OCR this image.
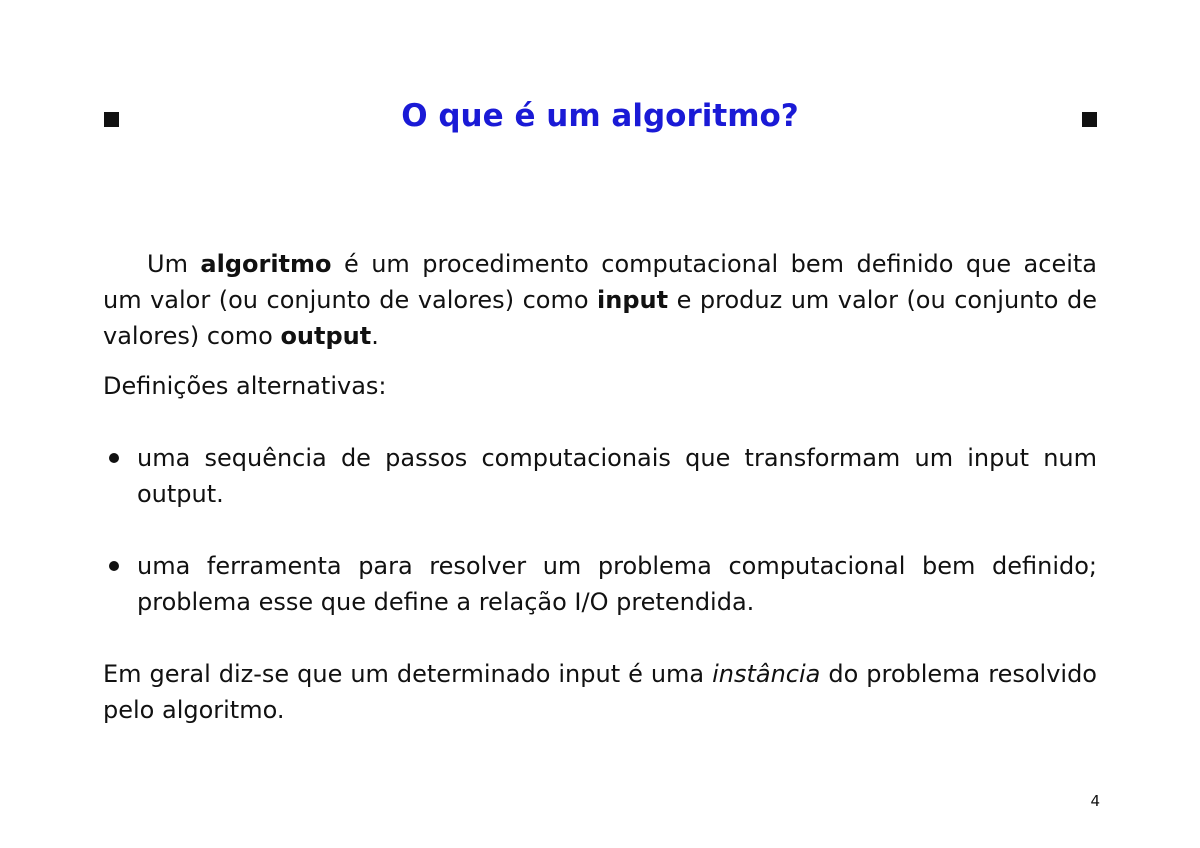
O que é um algoritmo?

Um algoritmo é um procedimento computacional bem definido que aceita um valor (ou conjunto de valores) como input e produz um valor (ou conjunto de valores) como output.

Definições alternativas:

uma sequência de passos computacionais que transformam um input num output.
uma ferramenta para resolver um problema computacional bem definido; problema esse que define a relação I/O pretendida.

Em geral diz-se que um determinado input é uma instância do problema resolvido pelo algoritmo.

4
